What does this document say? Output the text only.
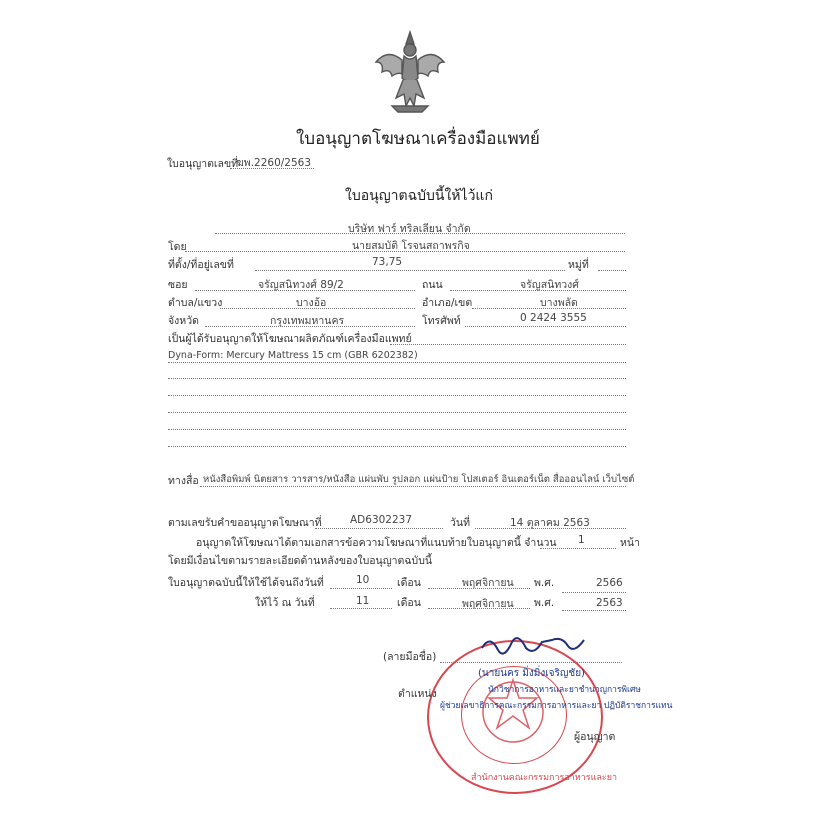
ใบอนุญาตโฆษณาเครื่องมือแพทย์
ใบอนุญาตเลขที่
ฆพ.2260/2563
ใบอนุญาตฉบับนี้ให้ไว้แก่
บริษัท ฟาร์ ทริลเลียน จำกัด
โดย	นายสมบัติ โรจนสถาพรกิจ
ที่ตั้ง/ที่อยู่เลขที่	73,75	หมู่ที่
ซอย	จรัญสนิทวงศ์ 89/2	ถนน	จรัญสนิทวงศ์
ตำบล/แขวง	บางอ้อ	อำเภอ/เขต	บางพลัด
จังหวัด	กรุงเทพมหานคร	โทรศัพท์	0 2424 3555
เป็นผู้ได้รับอนุญาตให้โฆษณาผลิตภัณฑ์เครื่องมือแพทย์
Dyna-Form: Mercury Mattress 15 cm (GBR 6202382)
ทางสื่อ หนังสือพิมพ์ นิตยสาร วารสาร/หนังสือ แผ่นพับ รูปลอก แผ่นป้าย โปสเตอร์ อินเตอร์เน็ต สื่อออนไลน์ เว็บไซต์
ตามเลขรับคำขออนุญาตโฆษณาที่	AD6302237	วันที่	14 ตุลาคม 2563
อนุญาตให้โฆษณาได้ตามเอกสารข้อความโฆษณาที่แนบท้ายใบอนุญาตนี้ จำนวน 1	หน้า
โดยมีเงื่อนไขตามรายละเอียดด้านหลังของใบอนุญาตฉบับนี้
ใบอนุญาตฉบับนี้ให้ใช้ได้จนถึงวันที่	10	เดือน	พฤศจิกายน พ.ศ.	2566
ให้ไว้ ณ วันที่	11	เดือน	พฤศจิกายน พ.ศ.	2563
สำนักงานคณะกรรมการอาหารและยา
(ลายมือชื่อ)
(นายนคร มิ่งมิ่งเจริญชัย)
ตำแหน่ง	นักวิชาการอาหารและยาชำนาญการพิเศษ
ผู้ช่วยเลขาธิการคณะกรรมการอาหารและยา ปฏิบัติราชการแทน
ผู้อนุญาต
